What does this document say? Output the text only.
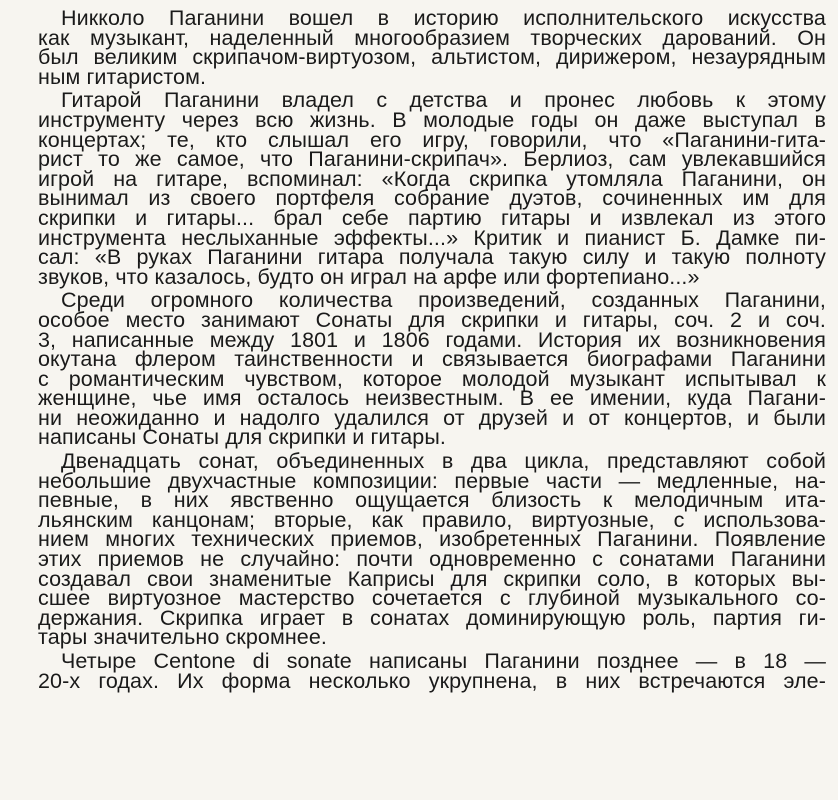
Никколо Паганини вошел в историю исполнительского искусства
как музыкант, наделенный многообразием творческих дарований. Он
был великим скрипачом-виртуозом, альтистом, дирижером, незаурядным
ным гитаристом.
Гитарой Паганини владел с детства и пронес любовь к этому
инструменту через всю жизнь. В молодые годы он даже выступал в
концертах; те, кто слышал его игру, говорили, что «Паганини-гита-
рист то же самое, что Паганини-скрипач». Берлиоз, сам увлекавшийся
игрой на гитаре, вспоминал: «Когда скрипка утомляла Паганини, он
вынимал из своего портфеля собрание дуэтов, сочиненных им для
скрипки и гитары... брал себе партию гитары и извлекал из этого
инструмента неслыханные эффекты...» Критик и пианист Б. Дамке пи-
сал: «В руках Паганини гитара получала такую силу и такую полноту
звуков, что казалось, будто он играл на арфе или фортепиано...»
Среди огромного количества произведений, созданных Паганини,
особое место занимают Сонаты для скрипки и гитары, соч. 2 и соч.
3, написанные между 1801 и 1806 годами. История их возникновения
окутана флером таинственности и связывается биографами Паганини
с романтическим чувством, которое молодой музыкант испытывал к
женщине, чье имя осталось неизвестным. В ее имении, куда Пагани-
ни неожиданно и надолго удалился от друзей и от концертов, и были
написаны Сонаты для скрипки и гитары.
Двенадцать сонат, объединенных в два цикла, представляют собой
небольшие двухчастные композиции: первые части — медленные, на-
певные, в них явственно ощущается близость к мелодичным ита-
льянским канцонам; вторые, как правило, виртуозные, с использова-
нием многих технических приемов, изобретенных Паганини. Появление
этих приемов не случайно: почти одновременно с сонатами Паганини
создавал свои знаменитые Каприсы для скрипки соло, в которых вы-
сшее виртуозное мастерство сочетается с глубиной музыкального со-
держания. Скрипка играет в сонатах доминирующую роль, партия ги-
тары значительно скромнее.
Четыре Centone di sonate написаны Паганини позднее — в 18 —
20-х годах. Их форма несколько укрупнена, в них встречаются эле-
